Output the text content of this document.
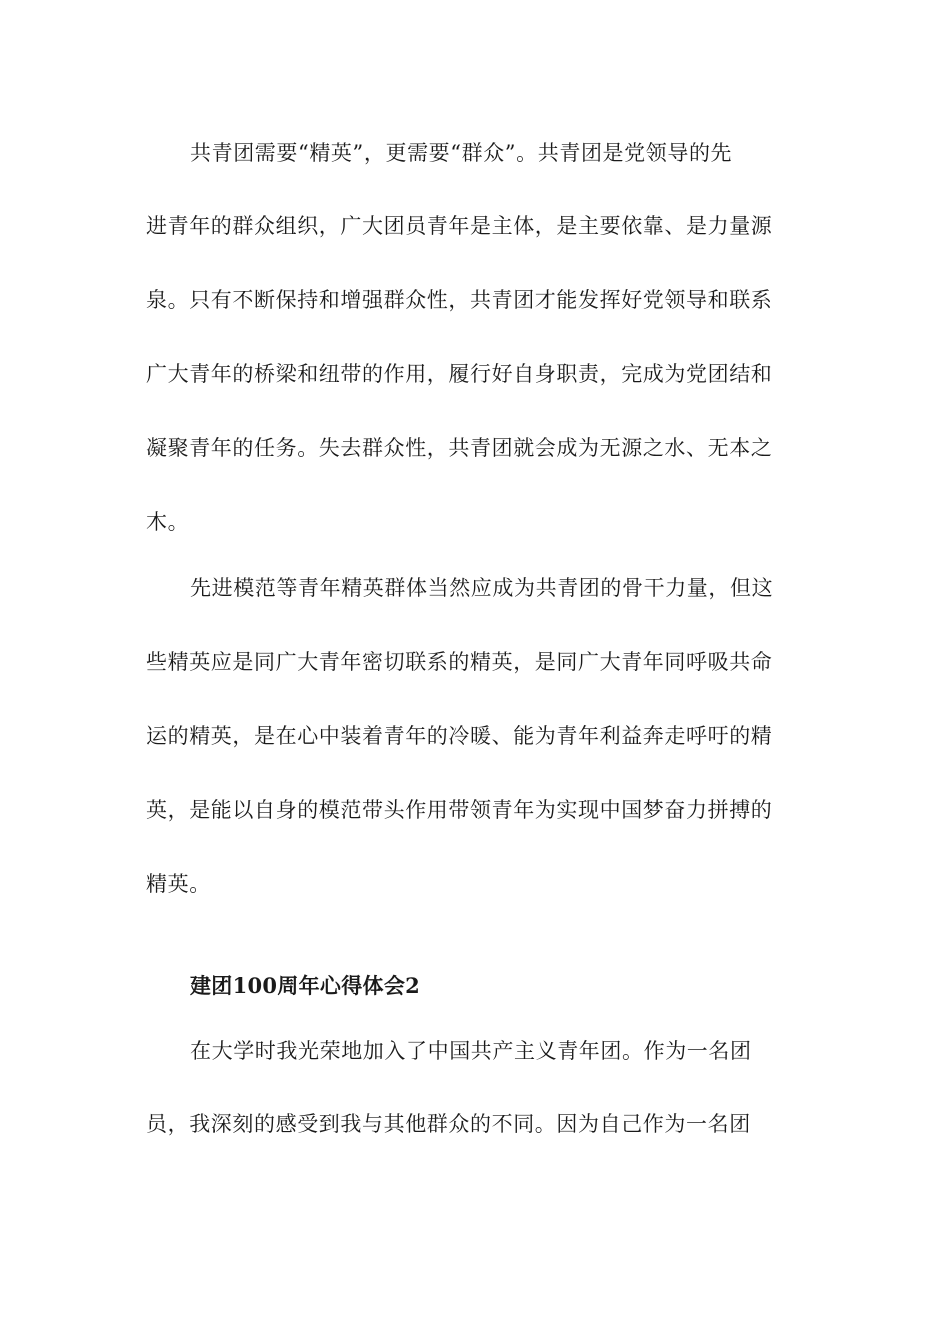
共青团需要“精英”，更需要“群众”。共青团是党领导的先
进青年的群众组织，广大团员青年是主体，是主要依靠、是力量源
泉。只有不断保持和增强群众性，共青团才能发挥好党领导和联系
广大青年的桥梁和纽带的作用，履行好自身职责，完成为党团结和
凝聚青年的任务。失去群众性，共青团就会成为无源之水、无本之
木。
先进模范等青年精英群体当然应成为共青团的骨干力量，但这
些精英应是同广大青年密切联系的精英，是同广大青年同呼吸共命
运的精英，是在心中装着青年的冷暖、能为青年利益奔走呼吁的精
英，是能以自身的模范带头作用带领青年为实现中国梦奋力拼搏的
精英。
建团100周年心得体会2
在大学时我光荣地加入了中国共产主义青年团。作为一名团
员，我深刻的感受到我与其他群众的不同。因为自己作为一名团
